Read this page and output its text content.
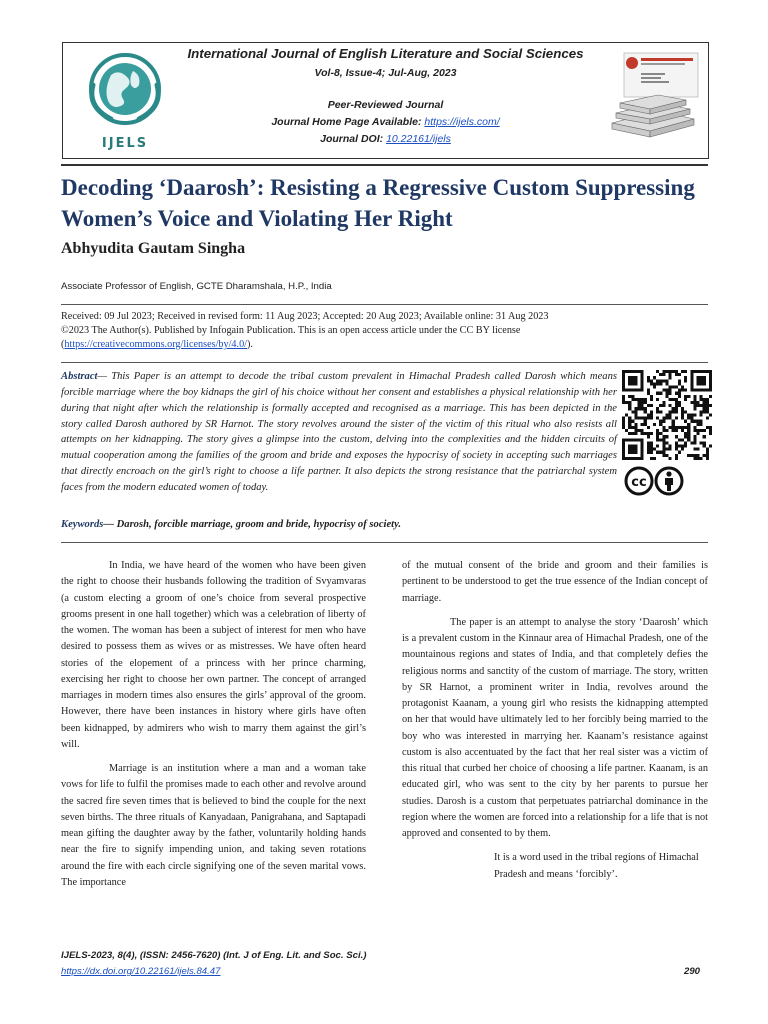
IJELS
International Journal of English Literature and Social Sciences
Vol-8, Issue-4; Jul-Aug, 2023
Peer-Reviewed Journal
Journal Home Page Available: https://ijels.com/
Journal DOI: 10.22161/ijels
Decoding ‘Daarosh’: Resisting a Regressive Custom Suppressing Women’s Voice and Violating Her Right
Abhyudita Gautam Singha
Associate Professor of English, GCTE Dharamshala, H.P., India
Received: 09 Jul 2023; Received in revised form: 11 Aug 2023; Accepted: 20 Aug 2023; Available online: 31 Aug 2023
©2023 The Author(s). Published by Infogain Publication. This is an open access article under the CC BY license
(https://creativecommons.org/licenses/by/4.0/).
Abstract— This Paper is an attempt to decode the tribal custom prevalent in Himachal Pradesh called Darosh which means forcible marriage where the boy kidnaps the girl of his choice without her consent and establishes a physical relationship with her during that night after which the relationship is formally accepted and recognised as a marriage. This has been depicted in the story called Darosh authored by SR Harnot. The story revolves around the sister of the victim of this ritual who also resists all attempts on her kidnapping. The story gives a glimpse into the custom, delving into the complexities and the hidden circuits of mutual cooperation among the families of the groom and bride and exposes the hypocrisy of society in accepting such marriages that directly encroach on the girl’s right to choose a life partner. It also depicts the strong resistance that the patriarchal system faces from the modern educated women of today.	cc
Keywords— Darosh, forcible marriage, groom and bride, hypocrisy of society.

In India, we have heard of the women who have been given the right to choose their husbands following the tradition of Svyamvaras (a custom electing a groom of one’s choice from several prospective grooms present in one hall together) which was a celebration of liberty of the women. The woman has been a subject of interest for men who have desired to possess them as wives or as mistresses. We have often heard stories of the elopement of a princess with her prince charming, exercising her right to choose her own partner. The concept of arranged marriages in modern times also ensures the girls’ approval of the groom. However, there have been instances in history where girls have often been kidnapped, by admirers who wish to marry them against the girl’s will.

Marriage is an institution where a man and a woman take vows for life to fulfil the promises made to each other and revolve around the sacred fire seven times that is believed to bind the couple for the next seven births. The three rituals of Kanyadaan, Panigrahana, and Saptapadi mean gifting the daughter away by the father, voluntarily holding hands near the fire to signify impending union, and taking seven rotations around the fire with each circle signifying one of the seven marital vows. The importance

of the mutual consent of the bride and groom and their families is pertinent to be understood to get the true essence of the Indian concept of marriage.

The paper is an attempt to analyse the story ‘Daarosh’ which is a prevalent custom in the Kinnaur area of Himachal Pradesh, one of the mountainous regions and states of India, and that completely defies the religious norms and sanctity of the custom of marriage. The story, written by SR Harnot, a prominent writer in India, revolves around the protagonist Kaanam, a young girl who resists the kidnapping attempted on her that would have ultimately led to her forcibly being married to the boy who was interested in marrying her. Kaanam’s resistance against custom is also accentuated by the fact that her real sister was a victim of this ritual that curbed her choice of choosing a life partner. Kaanam, is an educated girl, who was sent to the city by her parents to pursue her studies. Darosh is a custom that perpetuates patriarchal dominance in the region where the women are forced into a relationship for a life that is not approved and consented to by them.

It is a word used in the tribal regions of Himachal Pradesh and means ‘forcibly’.

IJELS-2023, 8(4), (ISSN: 2456-7620) (Int. J of Eng. Lit. and Soc. Sci.)
https://dx.doi.org/10.22161/ijels.84.47	290
